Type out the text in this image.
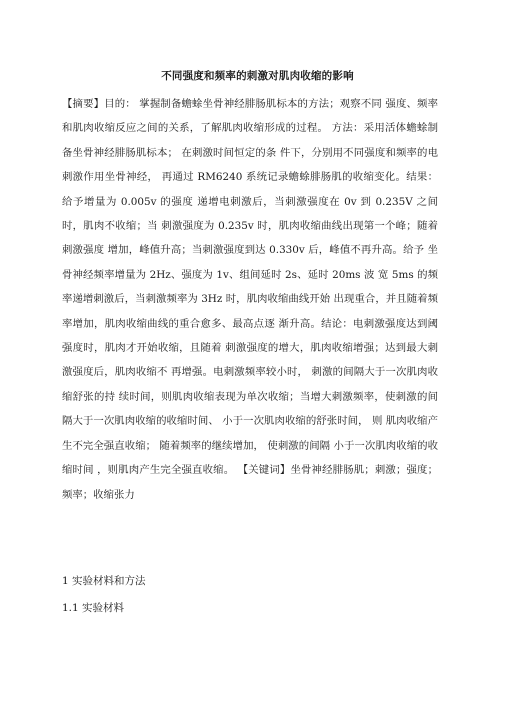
不同强度和频率的刺激对肌肉收缩的影响

【摘要】目的： 掌握制备蟾蜍坐骨神经腓肠肌标本的方法；观察不同 强度、频率和肌肉收缩反应之间的关系，了解肌肉收缩形成的过程。 方法：采用活体蟾蜍制备坐骨神经腓肠肌标本； 在刺激时间恒定的条 件下，分别用不同强度和频率的电刺激作用坐骨神经， 再通过 RM6240 系统记录蟾蜍腓肠肌的收缩变化。结果：给予增量为 0.005v 的强度 递增电刺激后，当刺激强度在 0v 到 0.235V 之间时，肌肉不收缩；当 刺激强度为 0.235v 时，肌肉收缩曲线出现第一个峰；随着刺激强度 增加，峰值升高；当刺激强度到达 0.330v 后，峰值不再升高。给予 坐骨神经频率增量为 2Hz、强度为 1v、组间延时 2s、延时 20ms 波 宽 5ms 的频率递增刺激后，当刺激频率为 3Hz 时，肌肉收缩曲线开始 出现重合，并且随着频率增加，肌肉收缩曲线的重合愈多、最高点逐 渐升高。结论：电刺激强度达到阈强度时，肌肉才开始收缩，且随着 刺激强度的增大，肌肉收缩增强；达到最大刺激强度后，肌肉收缩不 再增强。电刺激频率较小时， 刺激的间隔大于一次肌肉收缩舒张的持 续时间，则肌肉收缩表现为单次收缩；当增大刺激频率，使刺激的间 隔大于一次肌肉收缩的收缩时间、 小于一次肌肉收缩的舒张时间， 则 肌肉收缩产生不完全强直收缩； 随着频率的继续增加， 使刺激的间隔 小于一次肌肉收缩的收缩时间 ，则肌肉产生完全强直收缩。 【关键词】坐骨神经腓肠肌；刺激；强度；频率；收缩张力

1 实验材料和方法

1.1 实验材料
